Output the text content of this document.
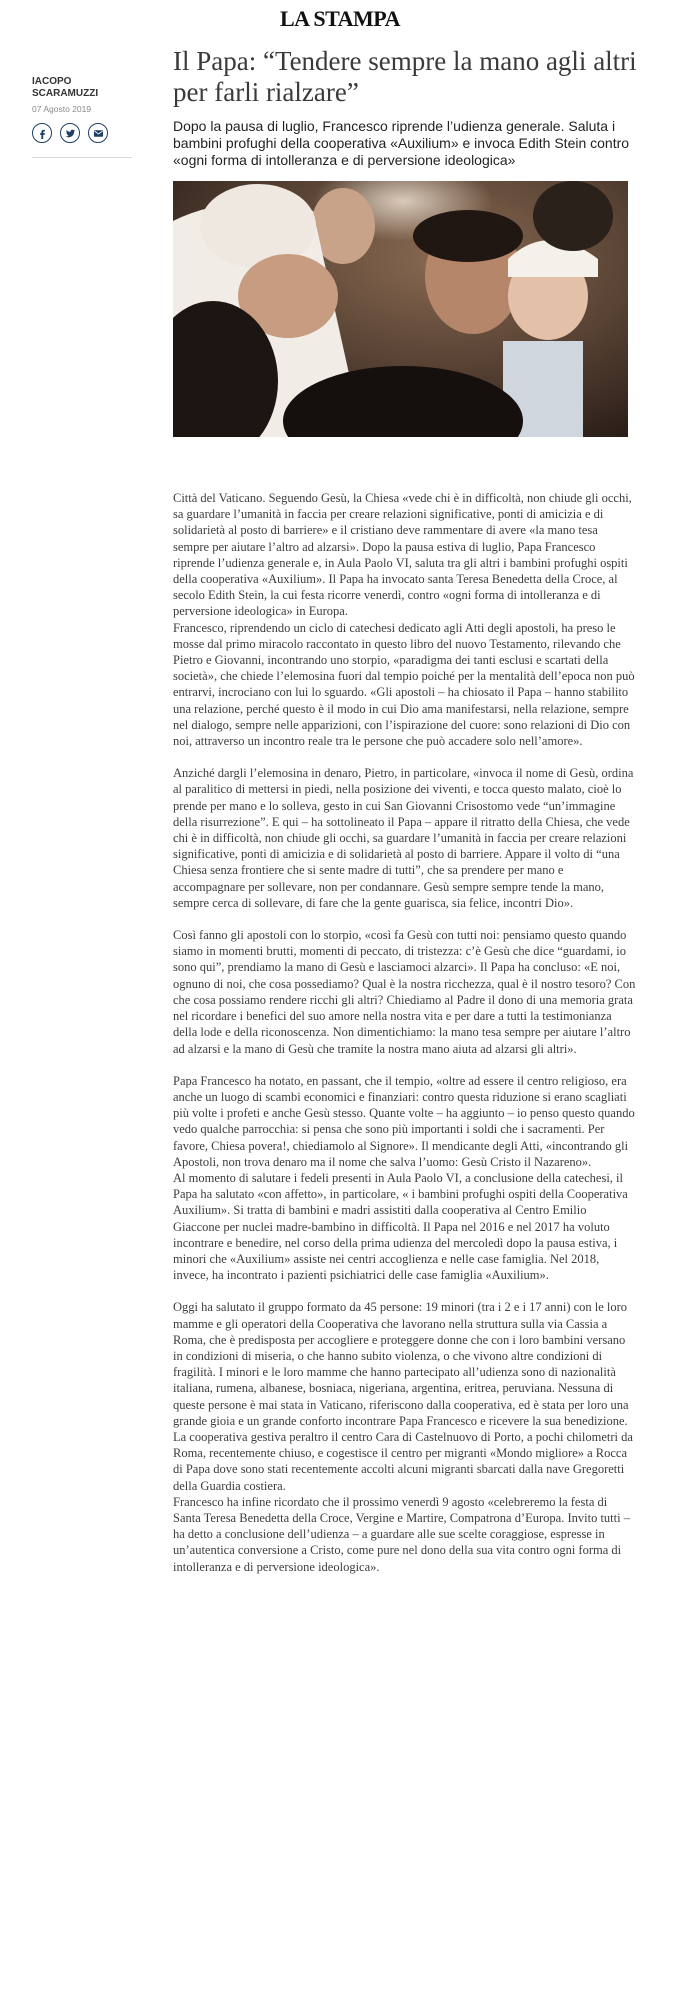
LA STAMPA
IACOPO
SCARAMUZZI
07 Agosto 2019
Il Papa: “Tendere sempre la mano agli altri per farli rialzare”

Dopo la pausa di luglio, Francesco riprende l’udienza generale. Saluta i bambini profughi della cooperativa «Auxilium» e invoca Edith Stein contro «ogni forma di intolleranza e di perversione ideologica»

Città del Vaticano. Seguendo Gesù, la Chiesa «vede chi è in difficoltà, non chiude gli occhi, sa guardare l’umanità in faccia per creare relazioni significative, ponti di amicizia e di solidarietà al posto di barriere» e il cristiano deve rammentare di avere «la mano tesa sempre per aiutare l’altro ad alzarsi». Dopo la pausa estiva di luglio, Papa Francesco riprende l’udienza generale e, in Aula Paolo VI, saluta tra gli altri i bambini profughi ospiti della cooperativa «Auxilium». Il Papa ha invocato santa Teresa Benedetta della Croce, al secolo Edith Stein, la cui festa ricorre venerdì, contro «ogni forma di intolleranza e di perversione ideologica» in Europa.

Francesco, riprendendo un ciclo di catechesi dedicato agli Atti degli apostoli, ha preso le mosse dal primo miracolo raccontato in questo libro del nuovo Testamento, rilevando che Pietro e Giovanni, incontrando uno storpio, «paradigma dei tanti esclusi e scartati della società», che chiede l’elemosina fuori dal tempio poiché per la mentalità dell’epoca non può entrarvi, incrociano con lui lo sguardo. «Gli apostoli – ha chiosato il Papa – hanno stabilito una relazione, perché questo è il modo in cui Dio ama manifestarsi, nella relazione, sempre nel dialogo, sempre nelle apparizioni, con l’ispirazione del cuore: sono relazioni di Dio con noi, attraverso un incontro reale tra le persone che può accadere solo nell’amore».

Anziché dargli l’elemosina in denaro, Pietro, in particolare, «invoca il nome di Gesù, ordina al paralitico di mettersi in piedi, nella posizione dei viventi, e tocca questo malato, cioè lo prende per mano e lo solleva, gesto in cui San Giovanni Crisostomo vede “un’immagine della risurrezione”. E qui – ha sottolineato il Papa – appare il ritratto della Chiesa, che vede chi è in difficoltà, non chiude gli occhi, sa guardare l’umanità in faccia per creare relazioni significative, ponti di amicizia e di solidarietà al posto di barriere. Appare il volto di “una Chiesa senza frontiere che si sente madre di tutti”, che sa prendere per mano e accompagnare per sollevare, non per condannare. Gesù sempre sempre tende la mano, sempre cerca di sollevare, di fare che la gente guarisca, sia felice, incontri Dio».

Così fanno gli apostoli con lo storpio, «così fa Gesù con tutti noi: pensiamo questo quando siamo in momenti brutti, momenti di peccato, di tristezza: c’è Gesù che dice “guardami, io sono qui”, prendiamo la mano di Gesù e lasciamoci alzarci». Il Papa ha concluso: «E noi, ognuno di noi, che cosa possediamo? Qual è la nostra ricchezza, qual è il nostro tesoro? Con che cosa possiamo rendere ricchi gli altri? Chiediamo al Padre il dono di una memoria grata nel ricordare i benefici del suo amore nella nostra vita e per dare a tutti la testimonianza della lode e della riconoscenza. Non dimentichiamo: la mano tesa sempre per aiutare l’altro ad alzarsi e la mano di Gesù che tramite la nostra mano aiuta ad alzarsi gli altri».

Papa Francesco ha notato, en passant, che il tempio, «oltre ad essere il centro religioso, era anche un luogo di scambi economici e finanziari: contro questa riduzione si erano scagliati più volte i profeti e anche Gesù stesso. Quante volte – ha aggiunto – io penso questo quando vedo qualche parrocchia: si pensa che sono più importanti i soldi che i sacramenti. Per favore, Chiesa povera!, chiediamolo al Signore». Il mendicante degli Atti, «incontrando gli Apostoli, non trova denaro ma il nome che salva l’uomo: Gesù Cristo il Nazareno».

Al momento di salutare i fedeli presenti in Aula Paolo VI, a conclusione della catechesi, il Papa ha salutato «con affetto», in particolare, « i bambini profughi ospiti della Cooperativa Auxilium». Si tratta di bambini e madri assistiti dalla cooperativa al Centro Emilio Giaccone per nuclei madre-bambino in difficoltà. Il Papa nel 2016 e nel 2017 ha voluto incontrare e benedire, nel corso della prima udienza del mercoledì dopo la pausa estiva, i minori che «Auxilium» assiste nei centri accoglienza e nelle case famiglia. Nel 2018, invece, ha incontrato i pazienti psichiatrici delle case famiglia «Auxilium».

Oggi ha salutato il gruppo formato da 45 persone: 19 minori (tra i 2 e i 17 anni) con le loro mamme e gli operatori della Cooperativa che lavorano nella struttura sulla via Cassia a Roma, che è predisposta per accogliere e proteggere donne che con i loro bambini versano in condizioni di miseria, o che hanno subito violenza, o che vivono altre condizioni di fragilità. I minori e le loro mamme che hanno partecipato all’udienza sono di nazionalità italiana, rumena, albanese, bosniaca, nigeriana, argentina, eritrea, peruviana. Nessuna di queste persone è mai stata in Vaticano, riferiscono dalla cooperativa, ed è stata per loro una grande gioia e un grande conforto incontrare Papa Francesco e ricevere la sua benedizione. La cooperativa gestiva peraltro il centro Cara di Castelnuovo di Porto, a pochi chilometri da Roma, recentemente chiuso, e cogestisce il centro per migranti «Mondo migliore» a Rocca di Papa dove sono stati recentemente accolti alcuni migranti sbarcati dalla nave Gregoretti della Guardia costiera.

Francesco ha infine ricordato che il prossimo venerdì 9 agosto «celebreremo la festa di Santa Teresa Benedetta della Croce, Vergine e Martire, Compatrona d’Europa. Invito tutti – ha detto a conclusione dell’udienza – a guardare alle sue scelte coraggiose, espresse in un’autentica conversione a Cristo, come pure nel dono della sua vita contro ogni forma di intolleranza e di perversione ideologica».
